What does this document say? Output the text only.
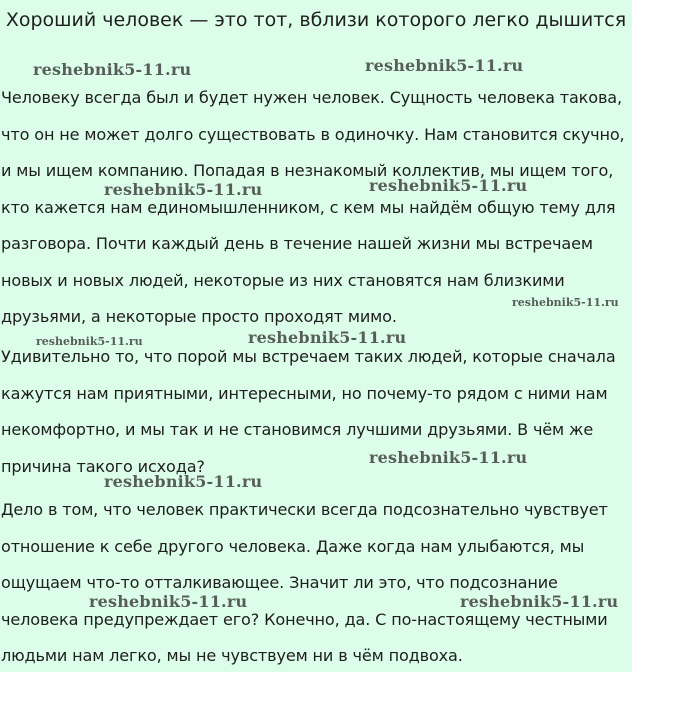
Хороший человек — это тот, вблизи которого легко дышится

Человеку всегда был и будет нужен человек. Сущность человека такова, что он не может долго существовать в одиночку. Нам становится скучно, и мы ищем компанию. Попадая в незнакомый коллектив, мы ищем того, кто кажется нам единомышленником, с кем мы найдём общую тему для разговора. Почти каждый день в течение нашей жизни мы встречаем новых и новых людей, некоторые из них становятся нам близкими друзьями, а некоторые просто проходят мимо.

Удивительно то, что порой мы встречаем таких людей, которые сначала кажутся нам приятными, интересными, но почему-то рядом с ними нам некомфортно, и мы так и не становимся лучшими друзьями. В чём же причина такого исхода?

Дело в том, что человек практически всегда подсознательно чувствует отношение к себе другого человека. Даже когда нам улыбаются, мы ощущаем что-то отталкивающее. Значит ли это, что подсознание человека предупреждает его? Конечно, да. С по-настоящему честными людьми нам легко, мы не чувствуем ни в чём подвоха.

reshebnik5-11.ru	reshebnik5-11.ru
reshebnik5-11.ru	reshebnik5-11.ru
reshebnik5-11.ru
reshebnik5-11.ru	reshebnik5-11.ru
reshebnik5-11.ru
reshebnik5-11.ru
reshebnik5-11.ru	reshebnik5-11.ru
